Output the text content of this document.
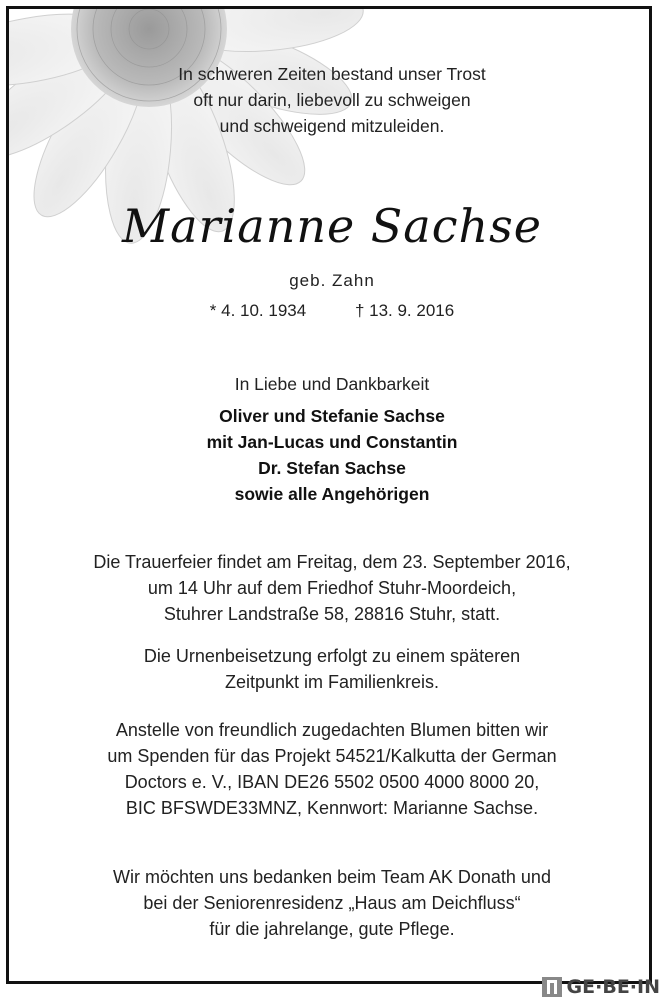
In schweren Zeiten bestand unser Trost
oft nur darin, liebevoll zu schweigen
und schweigend mitzuleiden.
Marianne Sachse
geb. Zahn
* 4. 10. 1934	† 13. 9. 2016
In Liebe und Dankbarkeit
Oliver und Stefanie Sachse
mit Jan-Lucas und Constantin
Dr. Stefan Sachse
sowie alle Angehörigen
Die Trauerfeier findet am Freitag, dem 23. September 2016,
um 14 Uhr auf dem Friedhof Stuhr-Moordeich,
Stuhrer Landstraße 58, 28816 Stuhr, statt.
Die Urnenbeisetzung erfolgt zu einem späteren
Zeitpunkt im Familienkreis.
Anstelle von freundlich zugedachten Blumen bitten wir
um Spenden für das Projekt 54521/Kalkutta der German
Doctors e. V., IBAN DE26 5502 0500 4000 8000 20,
BIC BFSWDE33MNZ, Kennwort: Marianne Sachse.
Wir möchten uns bedanken beim Team AK Donath und
bei der Seniorenresidenz „Haus am Deichfluss“
für die jahrelange, gute Pflege.
GE·BE·IN
